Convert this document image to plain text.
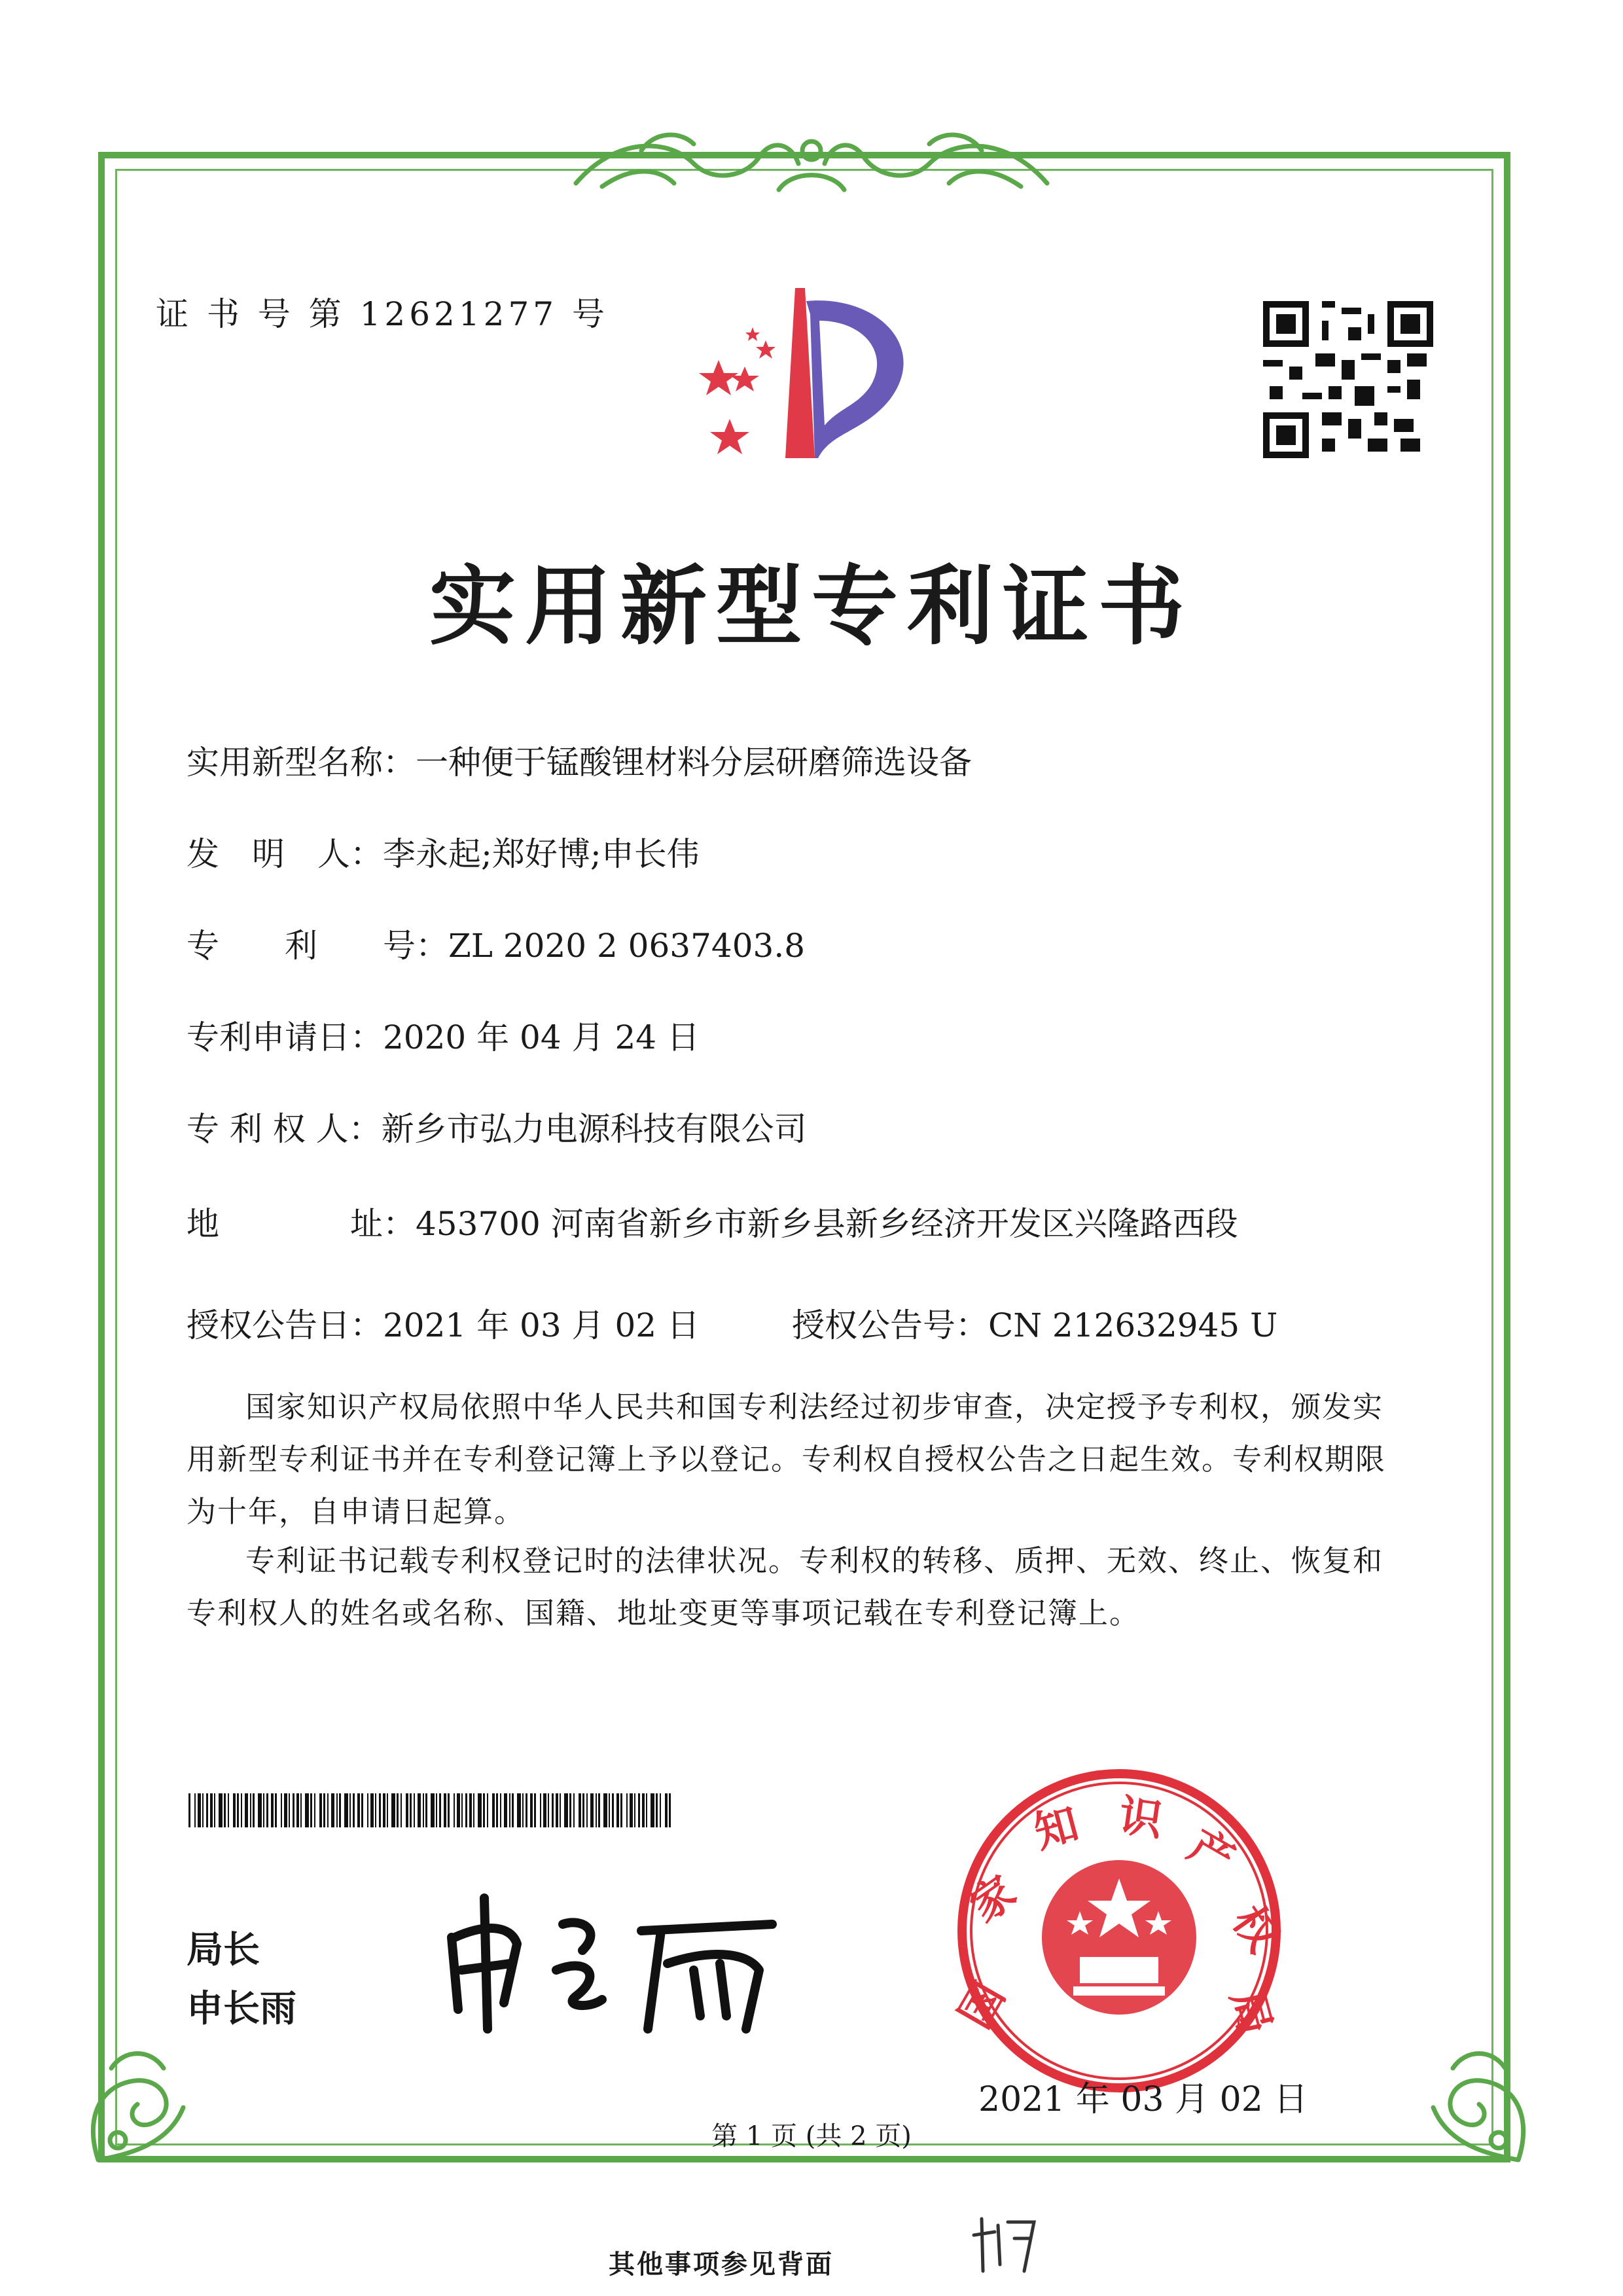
证 书 号 第 12621277 号
实用新型专利证书
实用新型名称：一种便于锰酸锂材料分层研磨筛选设备
发　明　人：李永起;郑好博;申长伟
专　　利　　号：ZL 2020 2 0637403.8
专利申请日：2020 年 04 月 24 日
专 利 权 人：新乡市弘力电源科技有限公司
地　　　　址：453700 河南省新乡市新乡县新乡经济开发区兴隆路西段
授权公告日：2021 年 03 月 02 日	授权公告号：CN 212632945 U
国家知识产权局依照中华人民共和国专利法经过初步审查，决定授予专利权，颁发实用新型专利证书并在专利登记簿上予以登记。专利权自授权公告之日起生效。专利权期限为十年，自申请日起算。
专利证书记载专利权登记时的法律状况。专利权的转移、质押、无效、终止、恢复和专利权人的姓名或名称、国籍、地址变更等事项记载在专利登记簿上。
局长
申长雨	国
家
知 识
产
权
局
2021 年 03 月 02 日
第 1 页 (共 2 页)
其他事项参见背面
